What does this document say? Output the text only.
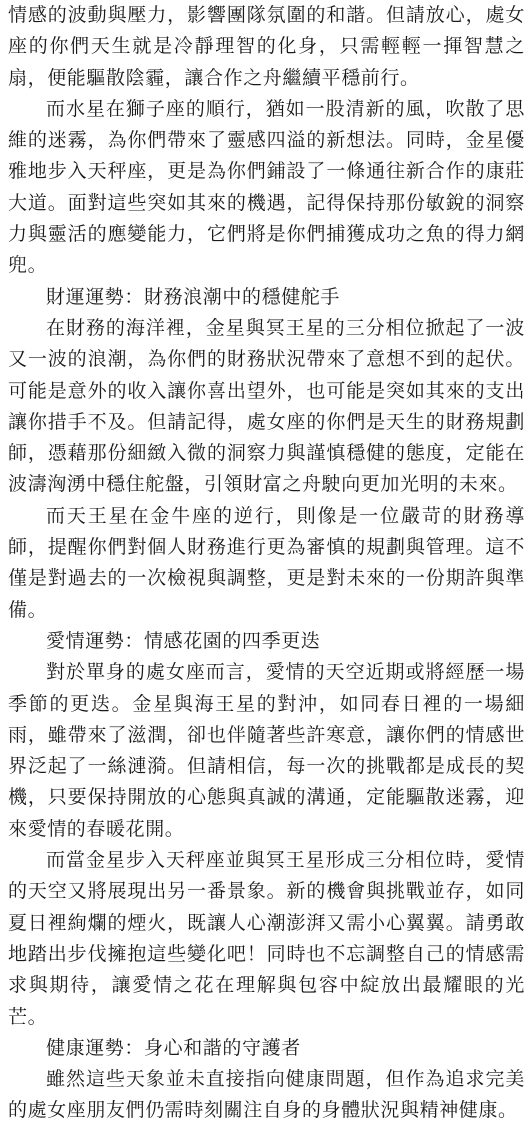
情感的波動與壓力，影響團隊氛圍的和諧。但請放心，處女座的你們天生就是冷靜理智的化身，只需輕輕一揮智慧之扇，便能驅散陰霾，讓合作之舟繼續平穩前行。

而水星在獅子座的順行，猶如一股清新的風，吹散了思維的迷霧，為你們帶來了靈感四溢的新想法。同時，金星優雅地步入天秤座，更是為你們鋪設了一條通往新合作的康莊大道。面對這些突如其來的機遇，記得保持那份敏銳的洞察力與靈活的應變能力，它們將是你們捕獲成功之魚的得力網兜。

財運運勢：財務浪潮中的穩健舵手

在財務的海洋裡，金星與冥王星的三分相位掀起了一波又一波的浪潮，為你們的財務狀況帶來了意想不到的起伏。可能是意外的收入讓你喜出望外，也可能是突如其來的支出讓你措手不及。但請記得，處女座的你們是天生的財務規劃師，憑藉那份細緻入微的洞察力與謹慎穩健的態度，定能在波濤洶湧中穩住舵盤，引領財富之舟駛向更加光明的未來。

而天王星在金牛座的逆行，則像是一位嚴苛的財務導師，提醒你們對個人財務進行更為審慎的規劃與管理。這不僅是對過去的一次檢視與調整，更是對未來的一份期許與準備。

愛情運勢：情感花園的四季更迭

對於單身的處女座而言，愛情的天空近期或將經歷一場季節的更迭。金星與海王星的對沖，如同春日裡的一場細雨，雖帶來了滋潤，卻也伴隨著些許寒意，讓你們的情感世界泛起了一絲漣漪。但請相信，每一次的挑戰都是成長的契機，只要保持開放的心態與真誠的溝通，定能驅散迷霧，迎來愛情的春暖花開。

而當金星步入天秤座並與冥王星形成三分相位時，愛情的天空又將展現出另一番景象。新的機會與挑戰並存，如同夏日裡絢爛的煙火，既讓人心潮澎湃又需小心翼翼。請勇敢地踏出步伐擁抱這些變化吧！同時也不忘調整自己的情感需求與期待，讓愛情之花在理解與包容中綻放出最耀眼的光芒。

健康運勢：身心和諧的守護者

雖然這些天象並未直接指向健康問題，但作為追求完美的處女座朋友們仍需時刻關注自身的身體狀況與精神健康。
